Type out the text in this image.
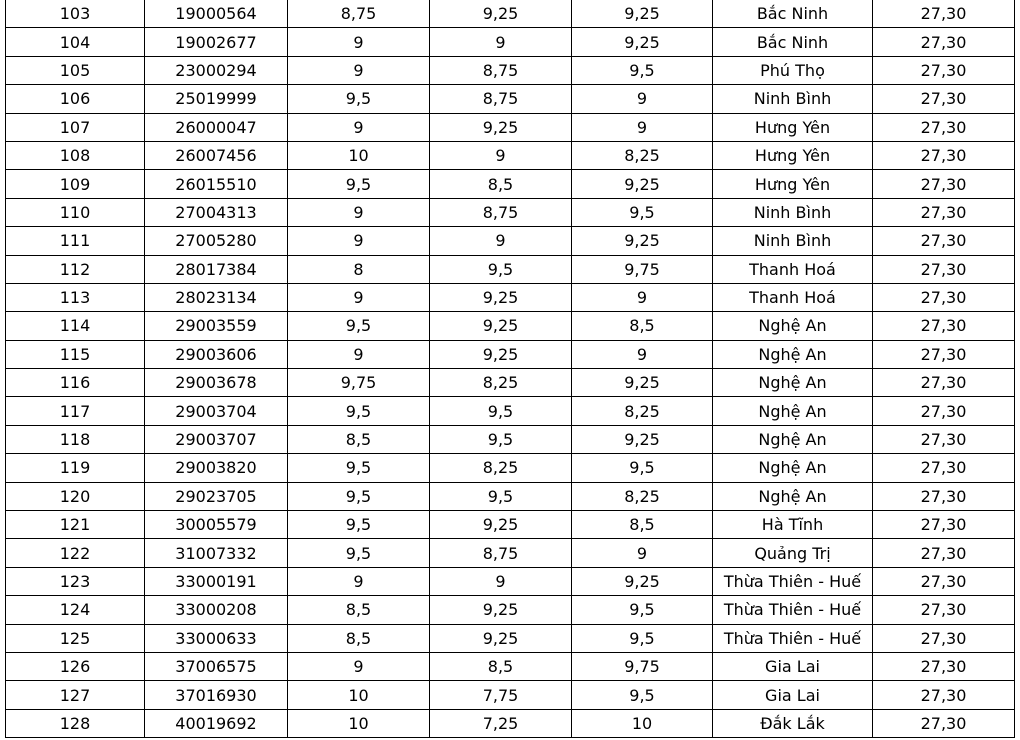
103	19000564	8,75	9,25	9,25	Bắc Ninh	27,30
104	19002677	9	9	9,25	Bắc Ninh	27,30
105	23000294	9	8,75	9,5	Phú Thọ	27,30
106	25019999	9,5	8,75	9	Ninh Bình	27,30
107	26000047	9	9,25	9	Hưng Yên	27,30
108	26007456	10	9	8,25	Hưng Yên	27,30
109	26015510	9,5	8,5	9,25	Hưng Yên	27,30
110	27004313	9	8,75	9,5	Ninh Bình	27,30
111	27005280	9	9	9,25	Ninh Bình	27,30
112	28017384	8	9,5	9,75	Thanh Hoá	27,30
113	28023134	9	9,25	9	Thanh Hoá	27,30
114	29003559	9,5	9,25	8,5	Nghệ An	27,30
115	29003606	9	9,25	9	Nghệ An	27,30
116	29003678	9,75	8,25	9,25	Nghệ An	27,30
117	29003704	9,5	9,5	8,25	Nghệ An	27,30
118	29003707	8,5	9,5	9,25	Nghệ An	27,30
119	29003820	9,5	8,25	9,5	Nghệ An	27,30
120	29023705	9,5	9,5	8,25	Nghệ An	27,30
121	30005579	9,5	9,25	8,5	Hà Tĩnh	27,30
122	31007332	9,5	8,75	9	Quảng Trị	27,30
123	33000191	9	9	9,25	Thừa Thiên - Huế	27,30
124	33000208	8,5	9,25	9,5	Thừa Thiên - Huế	27,30
125	33000633	8,5	9,25	9,5	Thừa Thiên - Huế	27,30
126	37006575	9	8,5	9,75	Gia Lai	27,30
127	37016930	10	7,75	9,5	Gia Lai	27,30
128	40019692	10	7,25	10	Đắk Lắk	27,30
